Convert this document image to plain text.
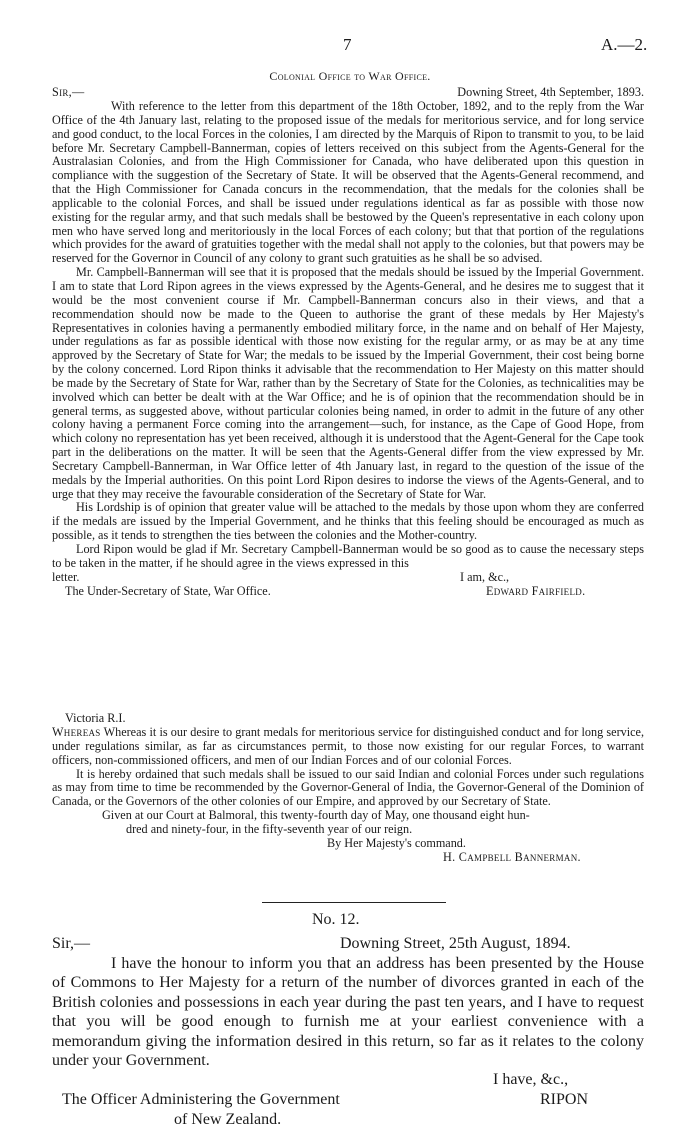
7	A.—2.
Colonial Office to War Office.
Sir,—	Downing Street, 4th September, 1893.

With reference to the letter from this department of the 18th October, 1892, and to the reply from the War Office of the 4th January last, relating to the proposed issue of the medals for meritorious service, and for long service and good conduct, to the local Forces in the colonies, I am directed by the Marquis of Ripon to transmit to you, to be laid before Mr. Secretary Campbell-Bannerman, copies of letters received on this subject from the Agents-General for the Australasian Colonies, and from the High Commissioner for Canada, who have deliberated upon this question in compliance with the suggestion of the Secretary of State. It will be observed that the Agents-General recommend, and that the High Commissioner for Canada concurs in the recommendation, that the medals for the colonies shall be applicable to the colonial Forces, and shall be issued under regulations identical as far as possible with those now existing for the regular army, and that such medals shall be bestowed by the Queen's representative in each colony upon men who have served long and meritoriously in the local Forces of each colony; but that that portion of the regulations which provides for the award of gratuities together with the medal shall not apply to the colonies, but that powers may be reserved for the Governor in Council of any colony to grant such gratuities as he shall be so advised.

Mr. Campbell-Bannerman will see that it is proposed that the medals should be issued by the Imperial Government. I am to state that Lord Ripon agrees in the views expressed by the Agents-General, and he desires me to suggest that it would be the most convenient course if Mr. Campbell-Bannerman concurs also in their views, and that a recommendation should now be made to the Queen to authorise the grant of these medals by Her Majesty's Representatives in colonies having a permanently embodied military force, in the name and on behalf of Her Majesty, under regulations as far as possible identical with those now existing for the regular army, or as may be at any time approved by the Secretary of State for War; the medals to be issued by the Imperial Government, their cost being borne by the colony concerned. Lord Ripon thinks it advisable that the recommendation to Her Majesty on this matter should be made by the Secretary of State for War, rather than by the Secretary of State for the Colonies, as technicalities may be involved which can better be dealt with at the War Office; and he is of opinion that the recommendation should be in general terms, as suggested above, without particular colonies being named, in order to admit in the future of any other colony having a permanent Force coming into the arrangement—such, for instance, as the Cape of Good Hope, from which colony no representation has yet been received, although it is understood that the Agent-General for the Cape took part in the deliberations on the matter. It will be seen that the Agents-General differ from the view expressed by Mr. Secretary Campbell-Bannerman, in War Office letter of 4th January last, in regard to the question of the issue of the medals by the Imperial authorities. On this point Lord Ripon desires to indorse the views of the Agents-General, and to urge that they may receive the favourable consideration of the Secretary of State for War.

His Lordship is of opinion that greater value will be attached to the medals by those upon whom they are conferred if the medals are issued by the Imperial Government, and he thinks that this feeling should be encouraged as much as possible, as it tends to strengthen the ties between the colonies and the Mother-country.

Lord Ripon would be glad if Mr. Secretary Campbell-Bannerman would be so good as to cause the necessary steps to be taken in the matter, if he should agree in the views expressed in this

letter.	I am, &c.,
The Under-Secretary of State, War Office.	Edward Fairfield.
Victoria R.I.

Whereas Whereas it is our desire to grant medals for meritorious service for distinguished conduct and for long service, under regulations similar, as far as circumstances permit, to those now existing for our regular Forces, to warrant officers, non-commissioned officers, and men of our Indian Forces and of our colonial Forces.

It is hereby ordained that such medals shall be issued to our said Indian and colonial Forces under such regulations as may from time to time be recommended by the Governor-General of India, the Governor-General of the Dominion of Canada, or the Governors of the other colonies of our Empire, and approved by our Secretary of State.

Given at our Court at Balmoral, this twenty-fourth day of May, one thousand eight hun-
dred and ninety-four, in the fifty-seventh year of our reign.
By Her Majesty's command.
H. Campbell Bannerman.
No. 12.
Sir,—	Downing Street, 25th August, 1894.

I have the honour to inform you that an address has been presented by the House of Commons to Her Majesty for a return of the number of divorces granted in each of the British colonies and possessions in each year during the past ten years, and I have to request that you will be good enough to furnish me at your earliest convenience with a memorandum giving the information desired in this return, so far as it relates to the colony under your Government.

I have, &c.,
The Officer Administering the Government	RIPON
of New Zealand.
